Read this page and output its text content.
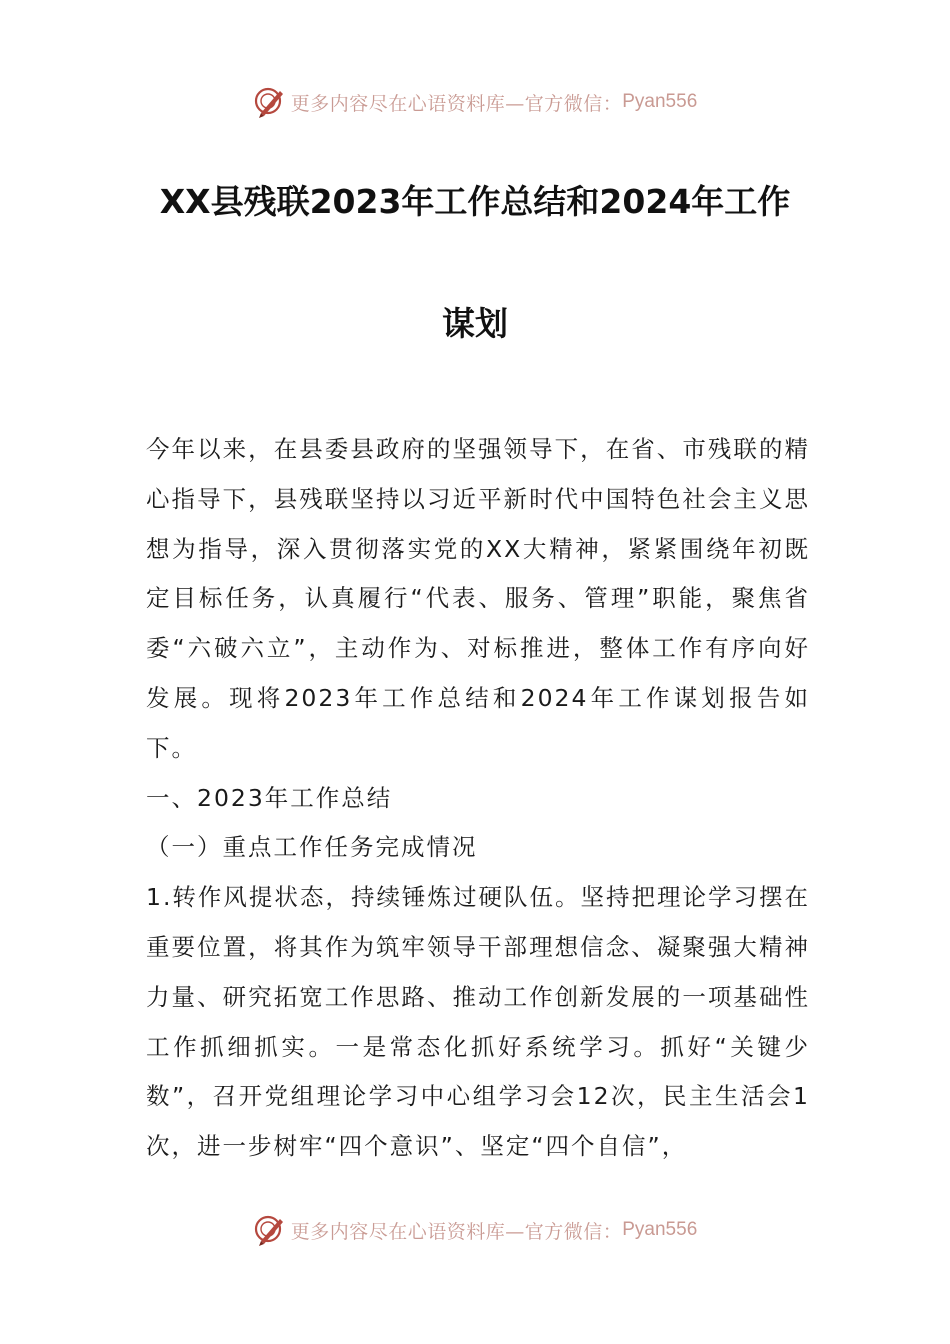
更多内容尽在心语资料库—官方微信： Pyan556
XX县残联2023年工作总结和2024年工作
谋划

今年以来，在县委县政府的坚强领导下，在省、市残联的精心指导下，县残联坚持以习近平新时代中国特色社会主义思想为指导，深入贯彻落实党的XX大精神，紧紧围绕年初既定目标任务，认真履行“代表、服务、管理”职能，聚焦省委“六破六立”，主动作为、对标推进，整体工作有序向好发展。现将2023年工作总结和2024年工作谋划报告如下。

一、2023年工作总结

（一）重点工作任务完成情况

1.转作风提状态，持续锤炼过硬队伍。坚持把理论学习摆在重要位置，将其作为筑牢领导干部理想信念、凝聚强大精神力量、研究拓宽工作思路、推动工作创新发展的一项基础性工作抓细抓实。一是常态化抓好系统学习。抓好“关键少数”，召开党组理论学习中心组学习会12次，民主生活会1次，进一步树牢“四个意识”、坚定“四个自信”，

更多内容尽在心语资料库—官方微信： Pyan556
